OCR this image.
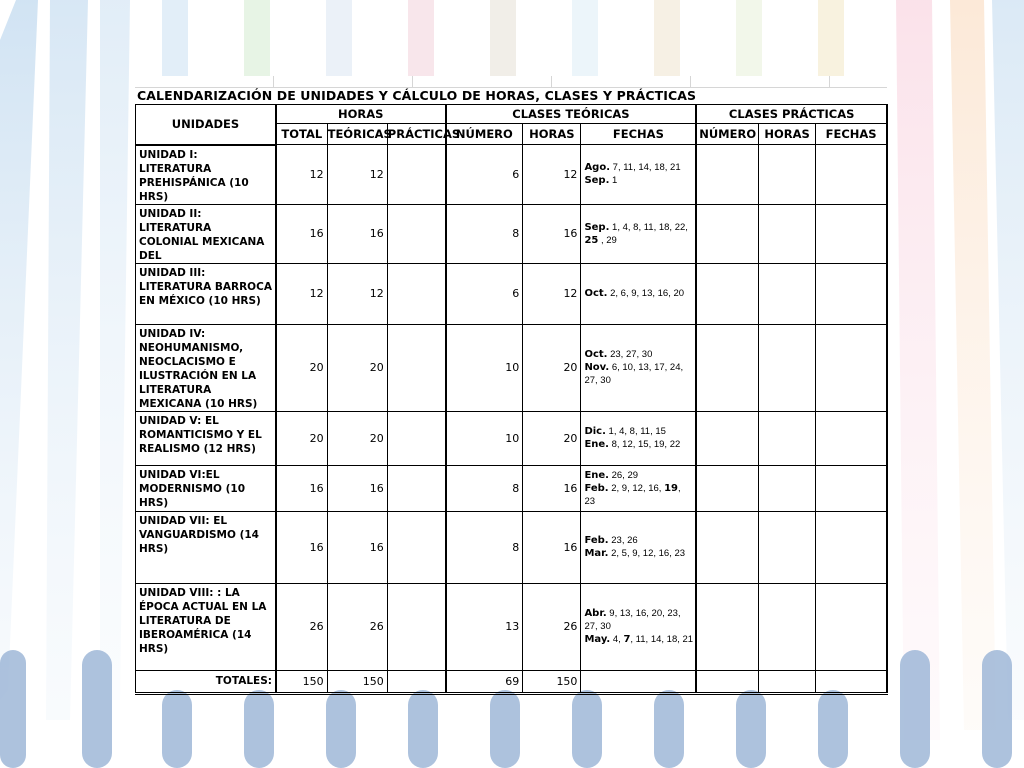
CALENDARIZACIÓN DE UNIDADES Y CÁLCULO DE HORAS, CLASES Y PRÁCTICAS
UNIDADES	HORAS			CLASES TEÓRICAS			CLASES PRÁCTICAS		
	TOTAL	TEÓRICAS	PRÁCTICAS	NÚMERO	HORAS	FECHAS	NÚMERO	HORAS	FECHAS
UNIDAD I: LITERATURA PREHISPÁNICA (10 HRS)	12	12		6	12	Ago. 7, 11, 14, 18, 21
Sep. 1			

UNIDAD II: LITERATURA COLONIAL MEXICANA DEL	16	16		8	16	Sep. 1, 4, 8, 11, 18, 22,
25 , 29			

UNIDAD III: LITERATURA BARROCA EN MÉXICO (10 HRS)	12	12		6	12	Oct. 2, 6, 9, 13, 16, 20			

UNIDAD IV: NEOHUMANISMO, NEOCLACISMO E ILUSTRACIÓN EN LA LITERATURA MEXICANA (10 HRS)	20	20		10	20	Oct. 23, 27, 30
Nov. 6, 10, 13, 17, 24,
27, 30			

UNIDAD V: EL ROMANTICISMO Y EL REALISMO (12 HRS)	20	20		10	20	Dic. 1, 4, 8, 11, 15
Ene. 8, 12, 15, 19, 22			

UNIDAD VI:EL MODERNISMO (10 HRS)	16	16		8	16	Ene. 26, 29
Feb. 2, 9, 12, 16, 19,
23			

UNIDAD VII: EL VANGUARDISMO (14 HRS)	16	16		8	16	Feb. 23, 26
Mar. 2, 5, 9, 12, 16, 23			

UNIDAD VIII: : LA ÉPOCA ACTUAL EN LA LITERATURA DE IBEROAMÉRICA (14 HRS)	26	26		13	26	Abr. 9, 13, 16, 20, 23,
27, 30
May. 4, 7, 11, 14, 18, 21			

TOTALES:	150	150		69	150				
